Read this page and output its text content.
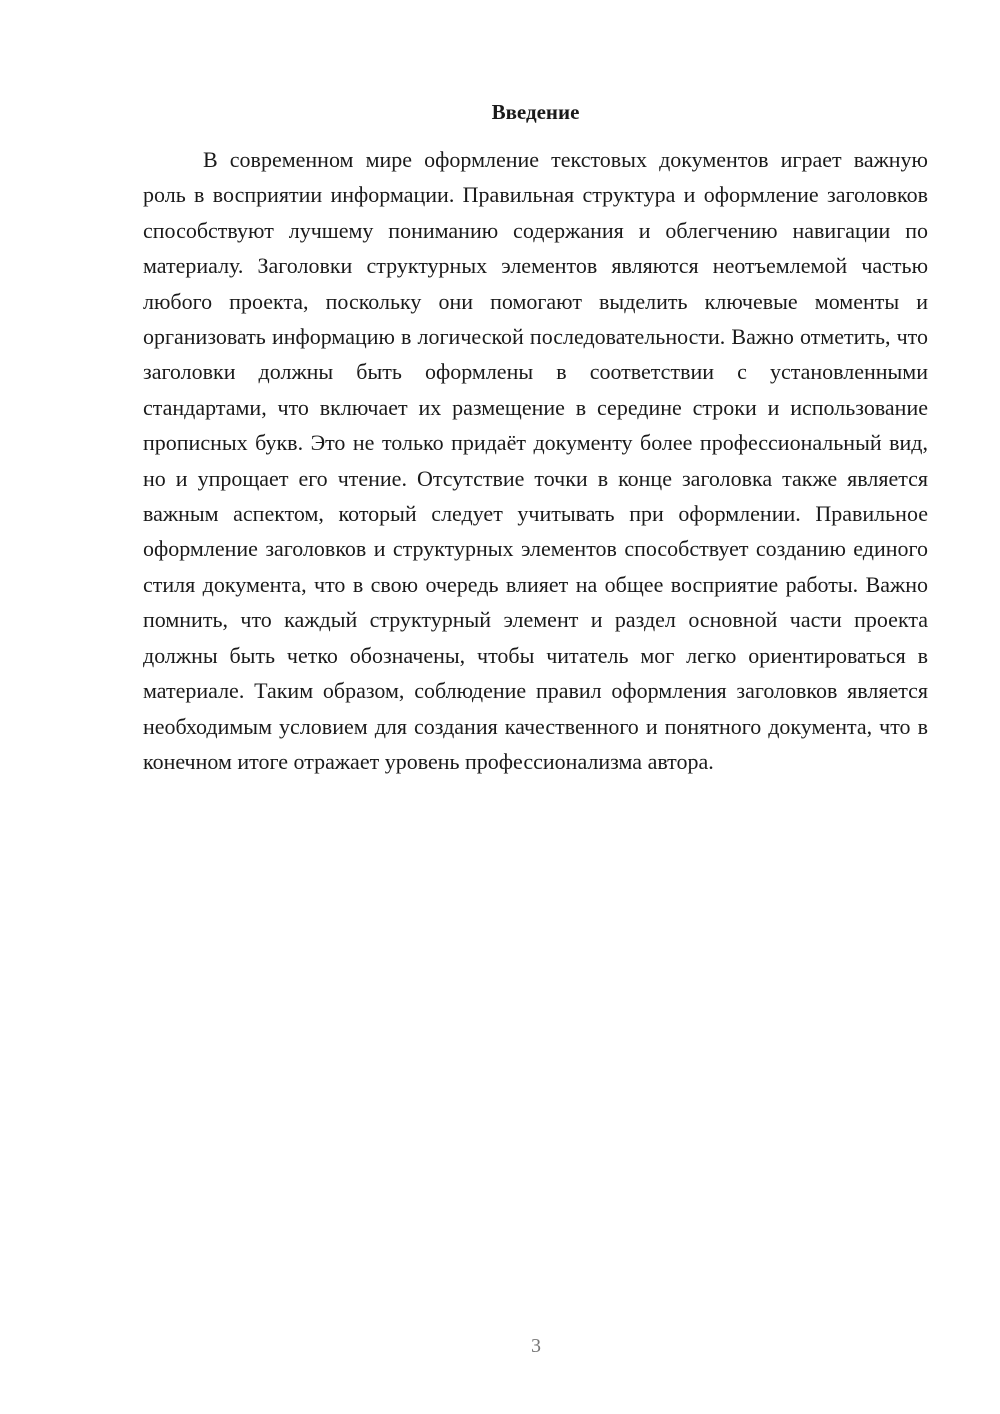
Введение

В современном мире оформление текстовых документов играет важную роль в восприятии информации. Правильная структура и оформление заголовков способствуют лучшему пониманию содержания и облегчению навигации по материалу. Заголовки структурных элементов являются неотъемлемой частью любого проекта, поскольку они помогают выделить ключевые моменты и организовать информацию в логической последовательности. Важно отметить, что заголовки должны быть оформлены в соответствии с установленными стандартами, что включает их размещение в середине строки и использование прописных букв. Это не только придаёт документу более профессиональный вид, но и упрощает его чтение. Отсутствие точки в конце заголовка также является важным аспектом, который следует учитывать при оформлении. Правильное оформление заголовков и структурных элементов способствует созданию единого стиля документа, что в свою очередь влияет на общее восприятие работы. Важно помнить, что каждый структурный элемент и раздел основной части проекта должны быть четко обозначены, чтобы читатель мог легко ориентироваться в материале. Таким образом, соблюдение правил оформления заголовков является необходимым условием для создания качественного и понятного документа, что в конечном итоге отражает уровень профессионализма автора.

3
